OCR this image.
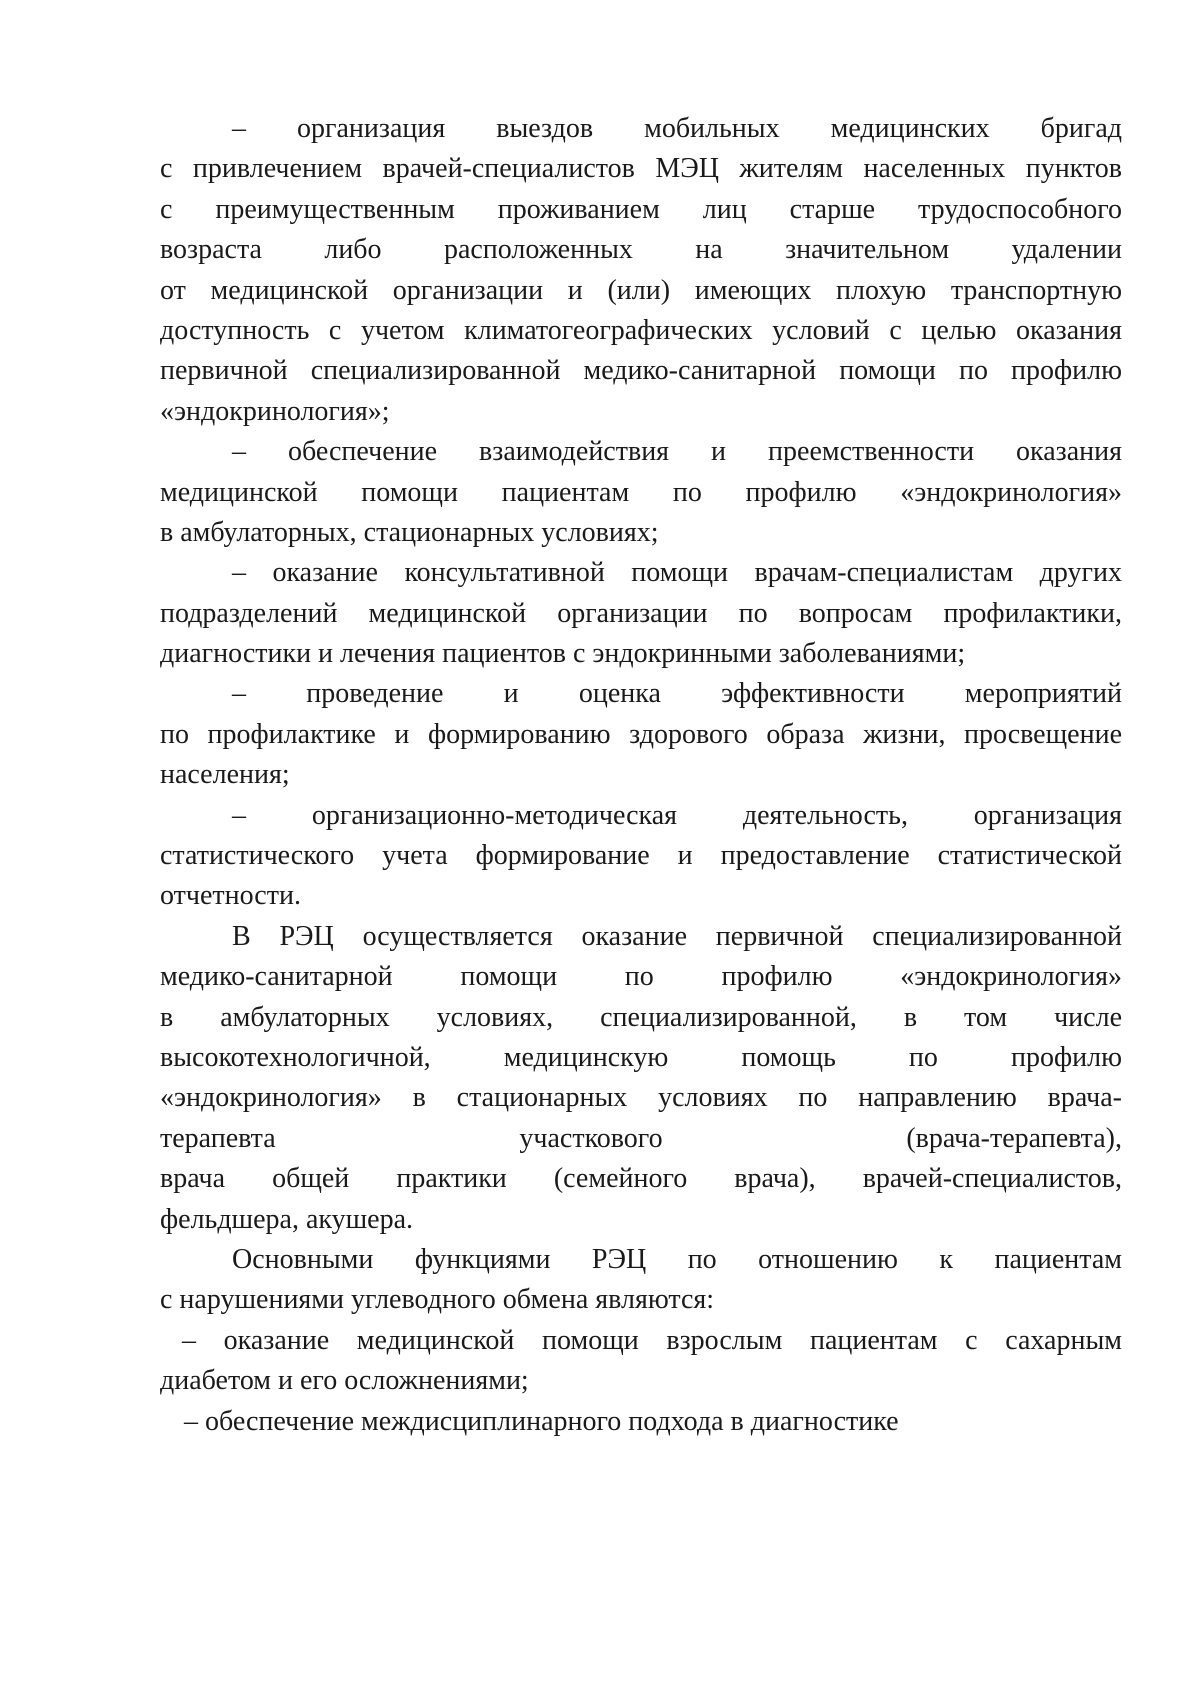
– организация выездов мобильных медицинских бригад
с привлечением врачей-специалистов МЭЦ жителям населенных пунктов
с преимущественным проживанием лиц старше трудоспособного
возраста либо расположенных на значительном удалении
от медицинской организации и (или) имеющих плохую транспортную
доступность с учетом климатогеографических условий с целью оказания
первичной специализированной медико-санитарной помощи по профилю
«эндокринология»;
– обеспечение взаимодействия и преемственности оказания
медицинской помощи пациентам по профилю «эндокринология»
в амбулаторных, стационарных условиях;
– оказание консультативной помощи врачам-специалистам других
подразделений медицинской организации по вопросам профилактики,
диагностики и лечения пациентов с эндокринными заболеваниями;
– проведение и оценка эффективности мероприятий
по профилактике и формированию здорового образа жизни, просвещение
населения;
– организационно-методическая деятельность, организация
статистического учета формирование и предоставление статистической
отчетности.
В РЭЦ осуществляется оказание первичной специализированной
медико-санитарной помощи по профилю «эндокринология»
в амбулаторных условиях, специализированной, в том числе
высокотехнологичной, медицинскую помощь по профилю
«эндокринология» в стационарных условиях по направлению врача-
терапевта участкового (врача-терапевта),
врача общей практики (семейного врача), врачей-специалистов,
фельдшера, акушера.
Основными функциями РЭЦ по отношению к пациентам
с нарушениями углеводного обмена являются:
– оказание медицинской помощи взрослым пациентам с сахарным
диабетом и его осложнениями;
– обеспечение междисциплинарного подхода в диагностике
